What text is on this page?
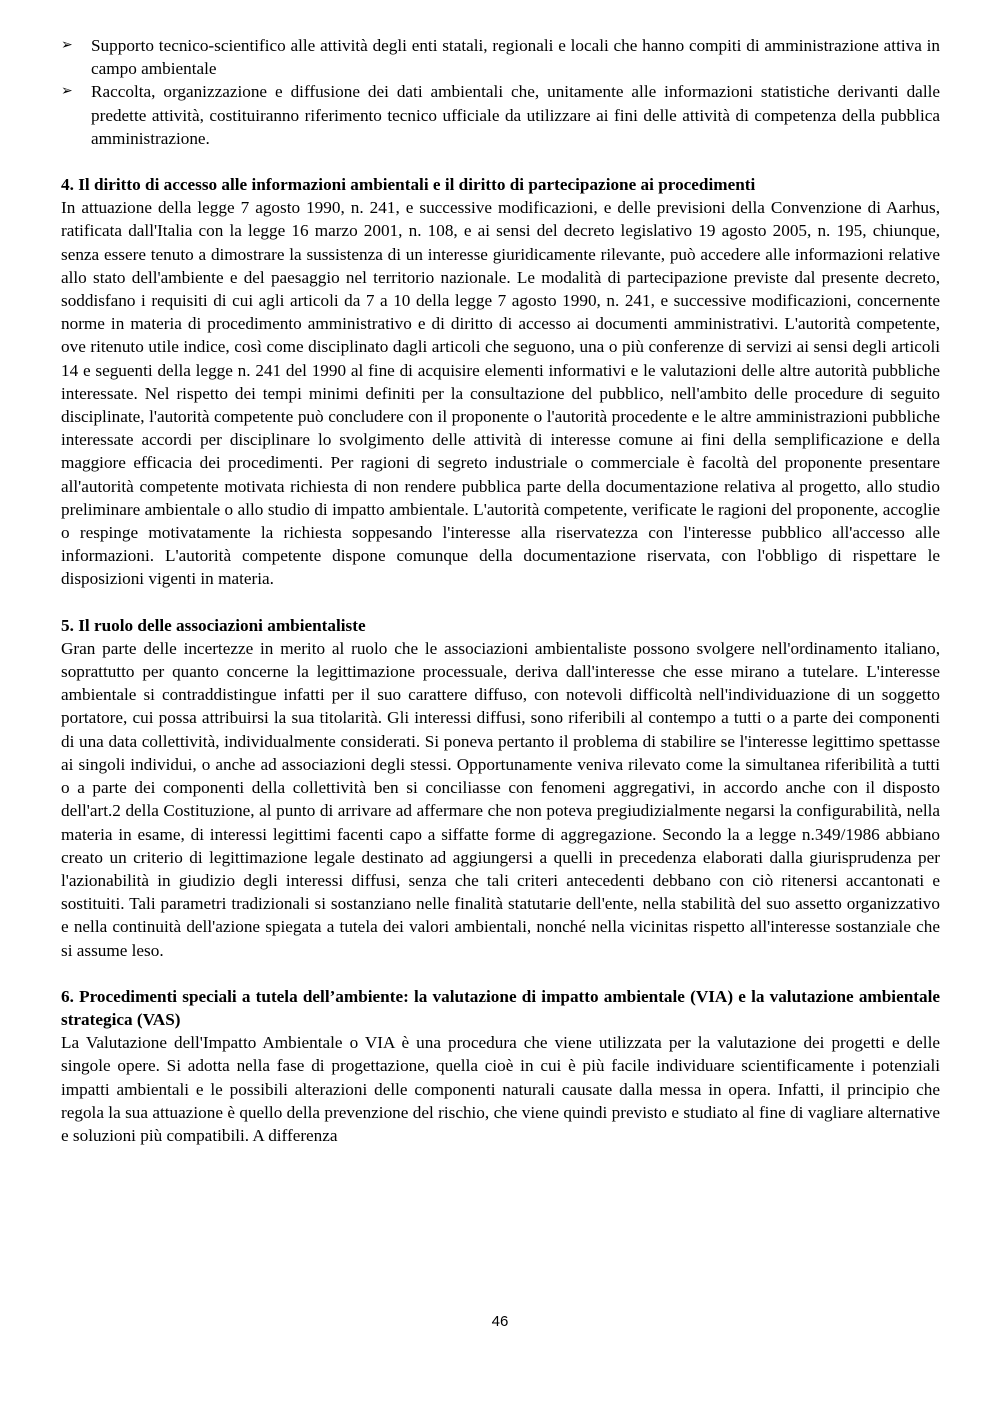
➢	Supporto tecnico-scientifico alle attività degli enti statali, regionali e locali che hanno compiti di amministrazione attiva in campo ambientale
➢	Raccolta, organizzazione e diffusione dei dati ambientali che, unitamente alle informazioni statistiche derivanti dalle predette attività, costituiranno riferimento tecnico ufficiale da utilizzare ai fini delle attività di competenza della pubblica amministrazione.

4. Il diritto di accesso alle informazioni ambientali e il diritto di partecipazione ai procedimenti

In attuazione della legge 7 agosto 1990, n. 241, e successive modificazioni, e delle previsioni della Convenzione di Aarhus, ratificata dall'Italia con la legge 16 marzo 2001, n. 108, e ai sensi del decreto legislativo 19 agosto 2005, n. 195, chiunque, senza essere tenuto a dimostrare la sussistenza di un interesse giuridicamente rilevante, può accedere alle informazioni relative allo stato dell'ambiente e del paesaggio nel territorio nazionale. Le modalità di partecipazione previste dal presente decreto, soddisfano i requisiti di cui agli articoli da 7 a 10 della legge 7 agosto 1990, n. 241, e successive modificazioni, concernente norme in materia di procedimento amministrativo e di diritto di accesso ai documenti amministrativi. L'autorità competente, ove ritenuto utile indice, così come disciplinato dagli articoli che seguono, una o più conferenze di servizi ai sensi degli articoli 14 e seguenti della legge n. 241 del 1990 al fine di acquisire elementi informativi e le valutazioni delle altre autorità pubbliche interessate. Nel rispetto dei tempi minimi definiti per la consultazione del pubblico, nell'ambito delle procedure di seguito disciplinate, l'autorità competente può concludere con il proponente o l'autorità procedente e le altre amministrazioni pubbliche interessate accordi per disciplinare lo svolgimento delle attività di interesse comune ai fini della semplificazione e della maggiore efficacia dei procedimenti. Per ragioni di segreto industriale o commerciale è facoltà del proponente presentare all'autorità competente motivata richiesta di non rendere pubblica parte della documentazione relativa al progetto, allo studio preliminare ambientale o allo studio di impatto ambientale. L'autorità competente, verificate le ragioni del proponente, accoglie o respinge motivatamente la richiesta soppesando l'interesse alla riservatezza con l'interesse pubblico all'accesso alle informazioni. L'autorità competente dispone comunque della documentazione riservata, con l'obbligo di rispettare le disposizioni vigenti in materia.

5. Il ruolo delle associazioni ambientaliste

Gran parte delle incertezze in merito al ruolo che le associazioni ambientaliste possono svolgere nell'ordinamento italiano, soprattutto per quanto concerne la legittimazione processuale, deriva dall'interesse che esse mirano a tutelare. L'interesse ambientale si contraddistingue infatti per il suo carattere diffuso, con notevoli difficoltà nell'individuazione di un soggetto portatore, cui possa attribuirsi la sua titolarità. Gli interessi diffusi, sono riferibili al contempo a tutti o a parte dei componenti di una data collettività, individualmente considerati. Si poneva pertanto il problema di stabilire se l'interesse legittimo spettasse ai singoli individui, o anche ad associazioni degli stessi. Opportunamente veniva rilevato come la simultanea riferibilità a tutti o a parte dei componenti della collettività ben si conciliasse con fenomeni aggregativi, in accordo anche con il disposto dell'art.2 della Costituzione, al punto di arrivare ad affermare che non poteva pregiudizialmente negarsi la configurabilità, nella materia in esame, di interessi legittimi facenti capo a siffatte forme di aggregazione. Secondo la a legge n.349/1986 abbiano creato un criterio di legittimazione legale destinato ad aggiungersi a quelli in precedenza elaborati dalla giurisprudenza per l'azionabilità in giudizio degli interessi diffusi, senza che tali criteri antecedenti debbano con ciò ritenersi accantonati e sostituiti. Tali parametri tradizionali si sostanziano nelle finalità statutarie dell'ente, nella stabilità del suo assetto organizzativo e nella continuità dell'azione spiegata a tutela dei valori ambientali, nonché nella vicinitas rispetto all'interesse sostanziale che si assume leso.

6. Procedimenti speciali a tutela dell’ambiente: la valutazione di impatto ambientale (VIA) e la valutazione ambientale strategica (VAS)

La Valutazione dell'Impatto Ambientale o VIA è una procedura che viene utilizzata per la valutazione dei progetti e delle singole opere. Si adotta nella fase di progettazione, quella cioè in cui è più facile individuare scientificamente i potenziali impatti ambientali e le possibili alterazioni delle componenti naturali causate dalla messa in opera. Infatti, il principio che regola la sua attuazione è quello della prevenzione del rischio, che viene quindi previsto e studiato al fine di vagliare alternative e soluzioni più compatibili. A differenza

46
